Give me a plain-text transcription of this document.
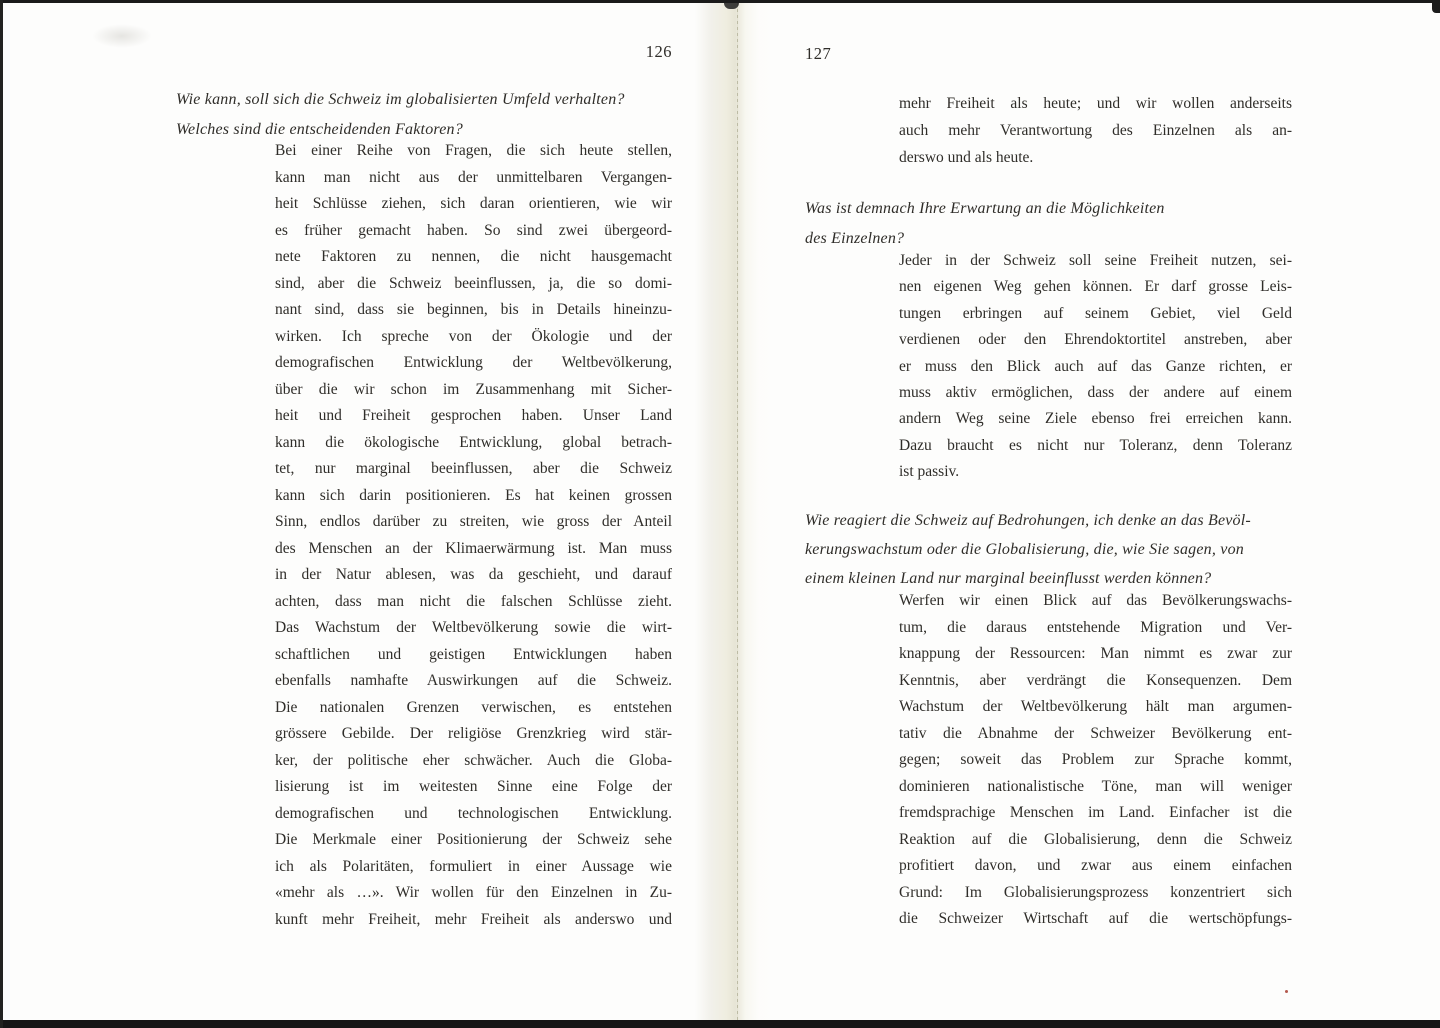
126
Wie kann, soll sich die Schweiz im globalisierten Umfeld verhalten?
Welches sind die entscheidenden Faktoren?
Bei einer Reihe von Fragen, die sich heute stellen,
kann man nicht aus der unmittelbaren Vergangen-
heit Schlüsse ziehen, sich daran orientieren, wie wir
es früher gemacht haben. So sind zwei übergeord-
nete Faktoren zu nennen, die nicht hausgemacht
sind, aber die Schweiz beeinflussen, ja, die so domi-
nant sind, dass sie beginnen, bis in Details hineinzu-
wirken. Ich spreche von der Ökologie und der
demografischen Entwicklung der Weltbevölkerung,
über die wir schon im Zusammenhang mit Sicher-
heit und Freiheit gesprochen haben. Unser Land
kann die ökologische Entwicklung, global betrach-
tet, nur marginal beeinflussen, aber die Schweiz
kann sich darin positionieren. Es hat keinen grossen
Sinn, endlos darüber zu streiten, wie gross der Anteil
des Menschen an der Klimaerwärmung ist. Man muss
in der Natur ablesen, was da geschieht, und darauf
achten, dass man nicht die falschen Schlüsse zieht.
Das Wachstum der Weltbevölkerung sowie die wirt-
schaftlichen und geistigen Entwicklungen haben
ebenfalls namhafte Auswirkungen auf die Schweiz.
Die nationalen Grenzen verwischen, es entstehen
grössere Gebilde. Der religiöse Grenzkrieg wird stär-
ker, der politische eher schwächer. Auch die Globa-
lisierung ist im weitesten Sinne eine Folge der
demografischen und technologischen Entwicklung.
Die Merkmale einer Positionierung der Schweiz sehe
ich als Polaritäten, formuliert in einer Aussage wie
«mehr als …». Wir wollen für den Einzelnen in Zu-
kunft mehr Freiheit, mehr Freiheit als anderswo und
127
mehr Freiheit als heute; und wir wollen anderseits
auch mehr Verantwortung des Einzelnen als an-
derswo und als heute.
Was ist demnach Ihre Erwartung an die Möglichkeiten
des Einzelnen?
Jeder in der Schweiz soll seine Freiheit nutzen, sei-
nen eigenen Weg gehen können. Er darf grosse Leis-
tungen erbringen auf seinem Gebiet, viel Geld
verdienen oder den Ehrendoktortitel anstreben, aber
er muss den Blick auch auf das Ganze richten, er
muss aktiv ermöglichen, dass der andere auf einem
andern Weg seine Ziele ebenso frei erreichen kann.
Dazu braucht es nicht nur Toleranz, denn Toleranz
ist passiv.
Wie reagiert die Schweiz auf Bedrohungen, ich denke an das Bevöl-
kerungswachstum oder die Globalisierung, die, wie Sie sagen, von
einem kleinen Land nur marginal beeinflusst werden können?
Werfen wir einen Blick auf das Bevölkerungswachs-
tum, die daraus entstehende Migration und Ver-
knappung der Ressourcen: Man nimmt es zwar zur
Kenntnis, aber verdrängt die Konsequenzen. Dem
Wachstum der Weltbevölkerung hält man argumen-
tativ die Abnahme der Schweizer Bevölkerung ent-
gegen; soweit das Problem zur Sprache kommt,
dominieren nationalistische Töne, man will weniger
fremdsprachige Menschen im Land. Einfacher ist die
Reaktion auf die Globalisierung, denn die Schweiz
profitiert davon, und zwar aus einem einfachen
Grund: Im Globalisierungsprozess konzentriert sich
die Schweizer Wirtschaft auf die wertschöpfungs-
